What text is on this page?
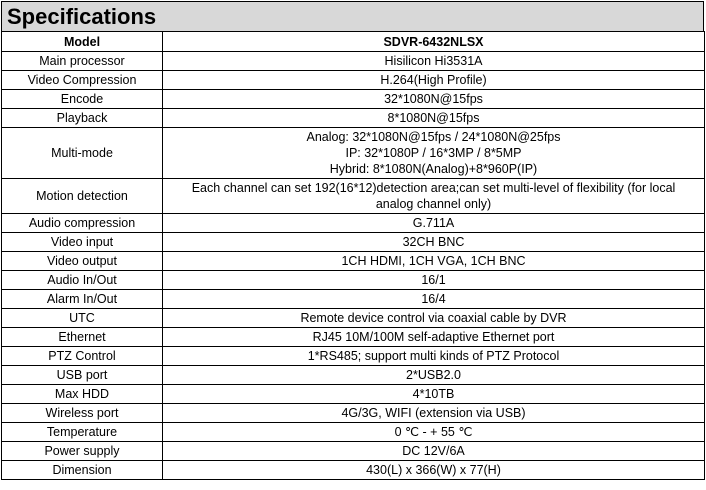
Specifications
Model	SDVR-6432NLSX
Main processor	Hisilicon Hi3531A

Video Compression	H.264(High Profile)

Encode	32*1080N@15fps

Playback	8*1080N@15fps

Multi-mode	Analog: 32*1080N@15fps / 24*1080N@25fps
IP: 32*1080P / 16*3MP / 8*5MP
Hybrid: 8*1080N(Analog)+8*960P(IP)

Motion detection	Each channel can set 192(16*12)detection area;can set multi-level of flexibility (for local
analog channel only)

Audio compression	G.711A

Video input	32CH BNC

Video output	1CH HDMI, 1CH VGA, 1CH BNC

Audio In/Out	16/1

Alarm In/Out	16/4

UTC	Remote device control via coaxial cable by DVR

Ethernet	RJ45 10M/100M self-adaptive Ethernet port

PTZ Control	1*RS485; support multi kinds of PTZ Protocol

USB port	2*USB2.0

Max HDD	4*10TB

Wireless port	4G/3G, WIFI (extension via USB)

Temperature	0 ℃ - + 55 ℃

Power supply	DC 12V/6A

Dimension	430(L) x 366(W) x 77(H)
